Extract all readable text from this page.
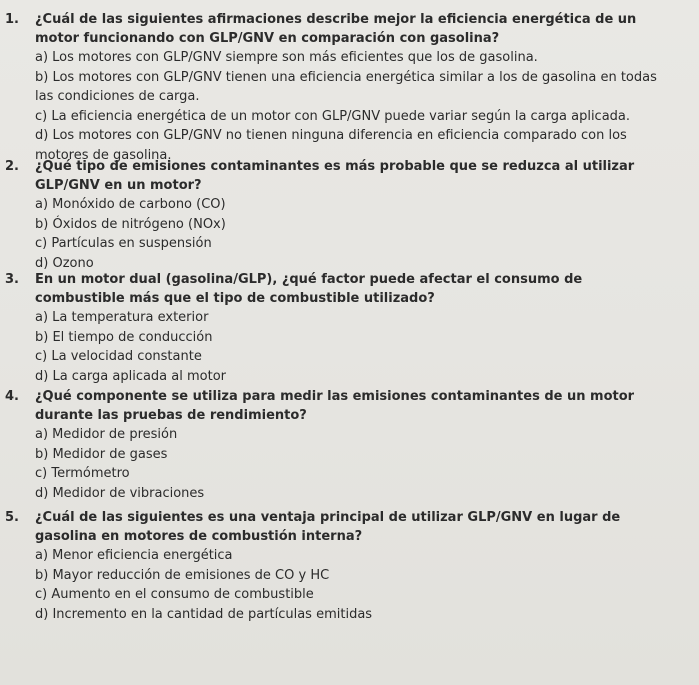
1.	¿Cuál de las siguientes afirmaciones describe mejor la eficiencia energética de un motor funcionando con GLP/GNV en comparación con gasolina?
a) Los motores con GLP/GNV siempre son más eficientes que los de gasolina.
b) Los motores con GLP/GNV tienen una eficiencia energética similar a los de gasolina en todas las condiciones de carga.
c) La eficiencia energética de un motor con GLP/GNV puede variar según la carga aplicada.
d) Los motores con GLP/GNV no tienen ninguna diferencia en eficiencia comparado con los motores de gasolina.
2.	¿Qué tipo de emisiones contaminantes es más probable que se reduzca al utilizar GLP/GNV en un motor?
a) Monóxido de carbono (CO)
b) Óxidos de nitrógeno (NOx)
c) Partículas en suspensión
d) Ozono
3.	En un motor dual (gasolina/GLP), ¿qué factor puede afectar el consumo de combustible más que el tipo de combustible utilizado?
a) La temperatura exterior
b) El tiempo de conducción
c) La velocidad constante
d) La carga aplicada al motor
4.	¿Qué componente se utiliza para medir las emisiones contaminantes de un motor durante las pruebas de rendimiento?
a) Medidor de presión
b) Medidor de gases
c) Termómetro
d) Medidor de vibraciones
5.	¿Cuál de las siguientes es una ventaja principal de utilizar GLP/GNV en lugar de gasolina en motores de combustión interna?
a) Menor eficiencia energética
b) Mayor reducción de emisiones de CO y HC
c) Aumento en el consumo de combustible
d) Incremento en la cantidad de partículas emitidas
